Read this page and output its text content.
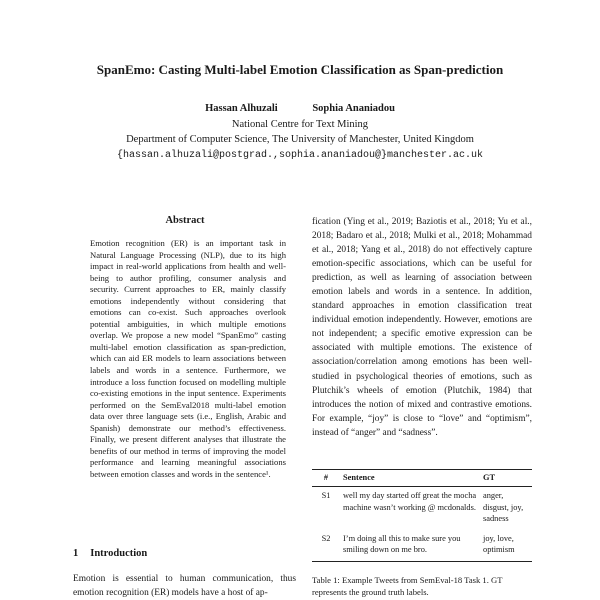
SpanEmo: Casting Multi-label Emotion Classification as Span-prediction
Hassan Alhuzali	Sophia Ananiadou
National Centre for Text Mining
Department of Computer Science, The University of Manchester, United Kingdom
{hassan.alhuzali@postgrad.,sophia.ananiadou@}manchester.ac.uk
Abstract
Emotion recognition (ER) is an important task in Natural Language Processing (NLP), due to its high impact in real-world applications from health and well-being to author profiling, consumer analysis and security. Current approaches to ER, mainly classify emotions independently without considering that emotions can co-exist. Such approaches overlook potential ambiguities, in which multiple emotions overlap. We propose a new model “SpanEmo” casting multi-label emotion classification as span-prediction, which can aid ER models to learn associations between labels and words in a sentence. Furthermore, we introduce a loss function focused on modelling multiple co-existing emotions in the input sentence. Experiments performed on the SemEval2018 multi-label emotion data over three language sets (i.e., English, Arabic and Spanish) demonstrate our method’s effectiveness. Finally, we present different analyses that illustrate the benefits of our method in terms of improving the model performance and learning meaningful associations between emotion classes and words in the sentence¹.
1 Introduction
Emotion is essential to human communication, thus emotion recognition (ER) models have a host of ap-
fication (Ying et al., 2019; Baziotis et al., 2018; Yu et al., 2018; Badaro et al., 2018; Mulki et al., 2018; Mohammad et al., 2018; Yang et al., 2018) do not effectively capture emotion-specific associations, which can be useful for prediction, as well as learning of association between emotion labels and words in a sentence. In addition, standard approaches in emotion classification treat individual emotion independently. However, emotions are not independent; a specific emotive expression can be associated with multiple emotions. The existence of association/correlation among emotions has been well-studied in psychological theories of emotions, such as Plutchik’s wheels of emotion (Plutchik, 1984) that introduces the notion of mixed and contrastive emotions. For example, “joy” is close to “love” and “optimism”, instead of “anger” and “sadness”.
#	Sentence	GT
S1	well my day started off great the mocha machine wasn’t working @ mcdonalds.	anger, disgust, joy, sadness
S2	I’m doing all this to make sure you smiling down on me bro.	joy, love, optimism
Table 1: Example Tweets from SemEval-18 Task 1. GT represents the ground truth labels.
